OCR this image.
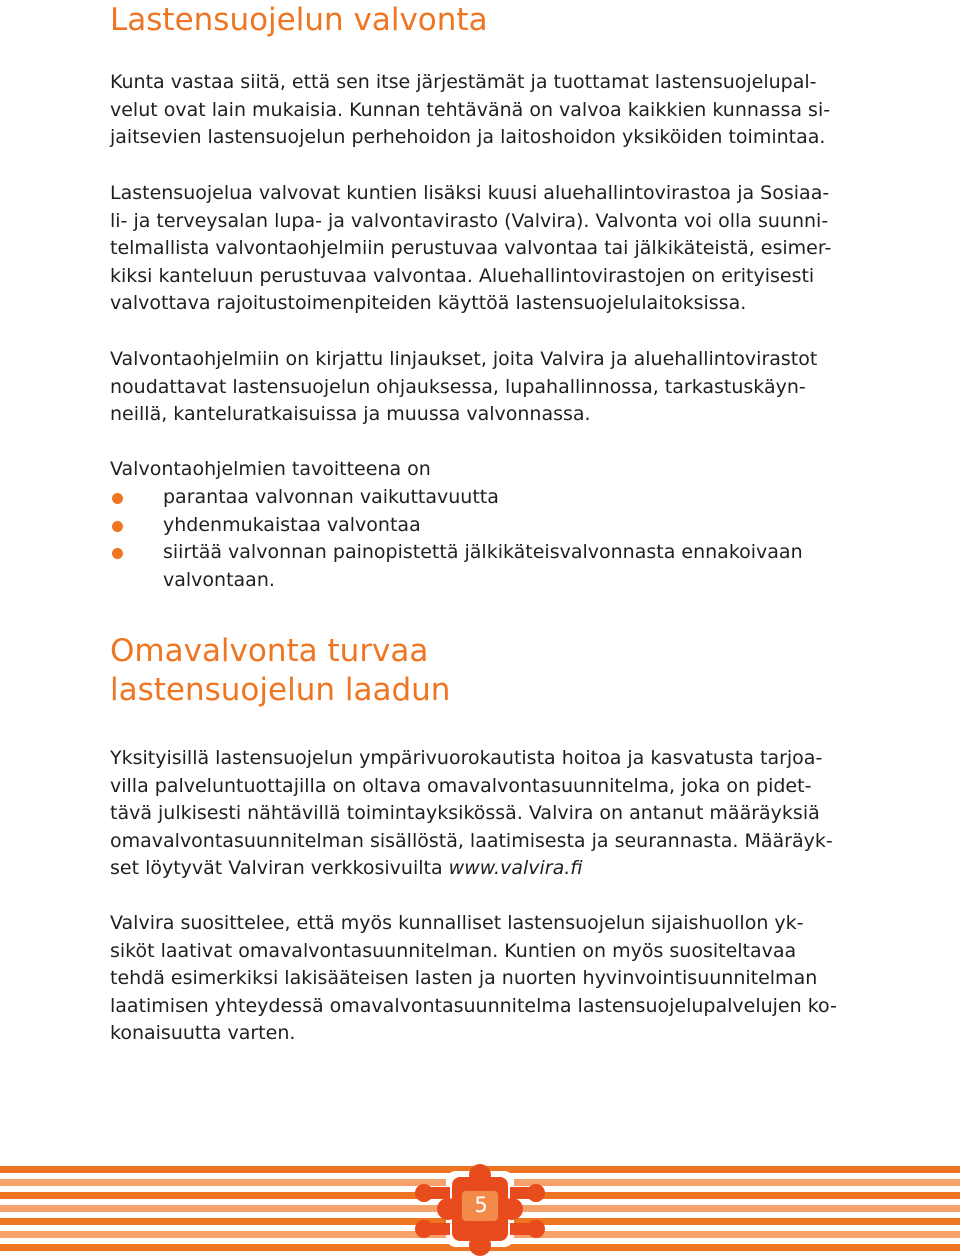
Lastensuojelun valvonta
Kunta vastaa siitä, että sen itse järjestämät ja tuottamat lastensuojelupal-
velut ovat lain mukaisia. Kunnan tehtävänä on valvoa kaikkien kunnassa si-
jaitsevien lastensuojelun perhehoidon ja laitoshoidon yksiköiden toimintaa.
Lastensuojelua valvovat kuntien lisäksi kuusi aluehallintovirastoa ja Sosiaa-
li- ja terveysalan lupa- ja valvontavirasto (Valvira). Valvonta voi olla suunni-
telmallista valvontaohjelmiin perustuvaa valvontaa tai jälkikäteistä, esimer-
kiksi kanteluun perustuvaa valvontaa. Aluehallintovirastojen on erityisesti
valvottava rajoitustoimenpiteiden käyttöä lastensuojelulaitoksissa.
Valvontaohjelmiin on kirjattu linjaukset, joita Valvira ja aluehallintovirastot
noudattavat lastensuojelun ohjauksessa, lupahallinnossa, tarkastuskäyn-
neillä, kanteluratkaisuissa ja muussa valvonnassa.
Valvontaohjelmien tavoitteena on
parantaa valvonnan vaikuttavuutta
yhdenmukaistaa valvontaa
siirtää valvonnan painopistettä jälkikäteisvalvonnasta ennakoivaan
valvontaan.
Omavalvonta turvaa
lastensuojelun laadun
Yksityisillä lastensuojelun ympärivuorokautista hoitoa ja kasvatusta tarjoa-
villa palveluntuottajilla on oltava omavalvontasuunnitelma, joka on pidet-
tävä julkisesti nähtävillä toimintayksikössä. Valvira on antanut määräyksiä
omavalvontasuunnitelman sisällöstä, laatimisesta ja seurannasta. Määräyk-
set löytyvät Valviran verkkosivuilta www.valvira.fi
Valvira suosittelee, että myös kunnalliset lastensuojelun sijaishuollon yk-
siköt laativat omavalvontasuunnitelman. Kuntien on myös suositeltavaa
tehdä esimerkiksi lakisääteisen lasten ja nuorten hyvinvointisuunnitelman
laatimisen yhteydessä omavalvontasuunnitelma lastensuojelupalvelujen ko-
konaisuutta varten.
5
